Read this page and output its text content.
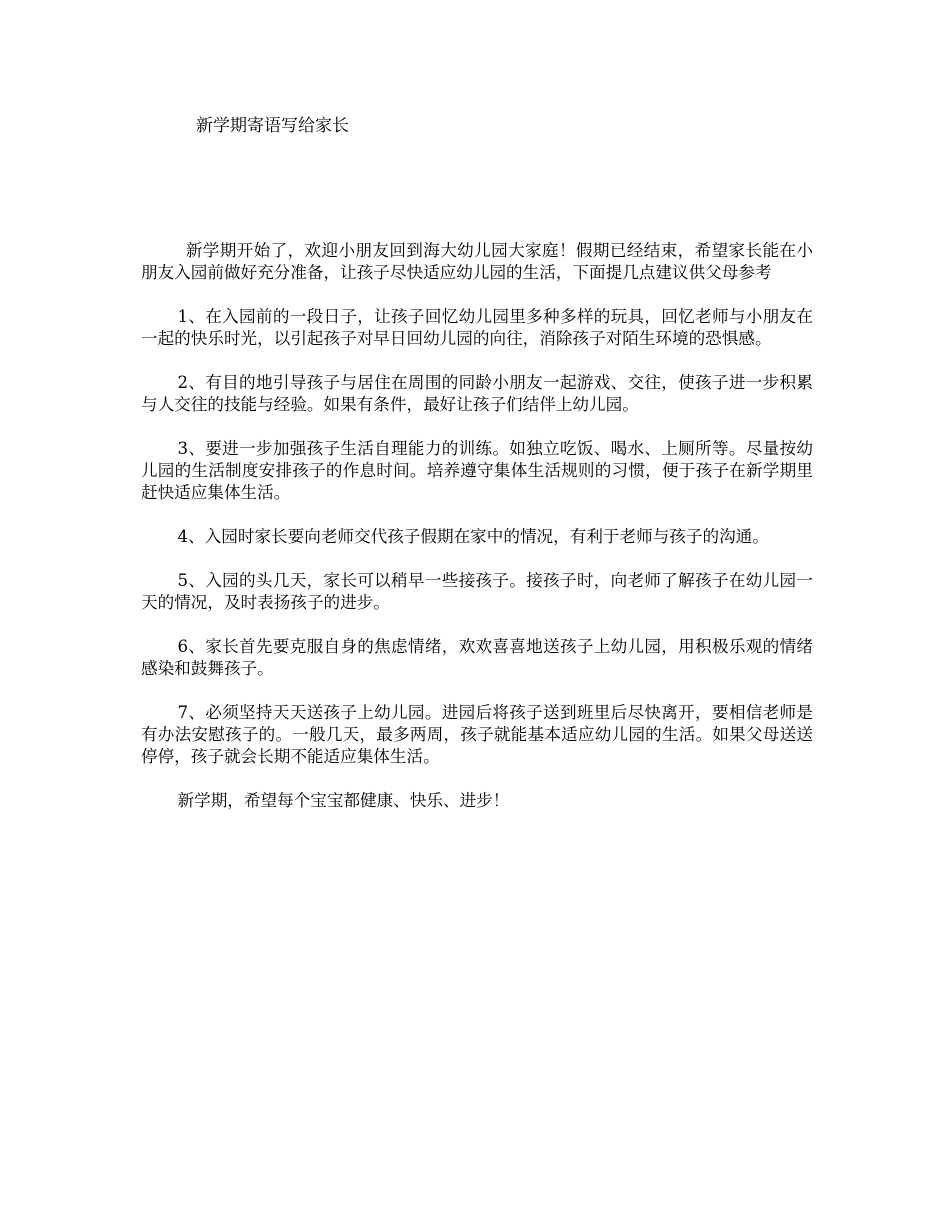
新学期寄语写给家长

新学期开始了，欢迎小朋友回到海大幼儿园大家庭！假期已经结束，希望家长能在小朋友入园前做好充分准备，让孩子尽快适应幼儿园的生活，下面提几点建议供父母参考

1、在入园前的一段日子，让孩子回忆幼儿园里多种多样的玩具，回忆老师与小朋友在一起的快乐时光，以引起孩子对早日回幼儿园的向往，消除孩子对陌生环境的恐惧感。

2、有目的地引导孩子与居住在周围的同龄小朋友一起游戏、交往，使孩子进一步积累与人交往的技能与经验。如果有条件，最好让孩子们结伴上幼儿园。

3、要进一步加强孩子生活自理能力的训练。如独立吃饭、喝水、上厕所等。尽量按幼儿园的生活制度安排孩子的作息时间。培养遵守集体生活规则的习惯，便于孩子在新学期里赶快适应集体生活。

4、入园时家长要向老师交代孩子假期在家中的情况，有利于老师与孩子的沟通。

5、入园的头几天，家长可以稍早一些接孩子。接孩子时，向老师了解孩子在幼儿园一天的情况，及时表扬孩子的进步。

6、家长首先要克服自身的焦虑情绪，欢欢喜喜地送孩子上幼儿园，用积极乐观的情绪感染和鼓舞孩子。

7、必须坚持天天送孩子上幼儿园。进园后将孩子送到班里后尽快离开，要相信老师是有办法安慰孩子的。一般几天，最多两周，孩子就能基本适应幼儿园的生活。如果父母送送停停，孩子就会长期不能适应集体生活。

新学期，希望每个宝宝都健康、快乐、进步！
